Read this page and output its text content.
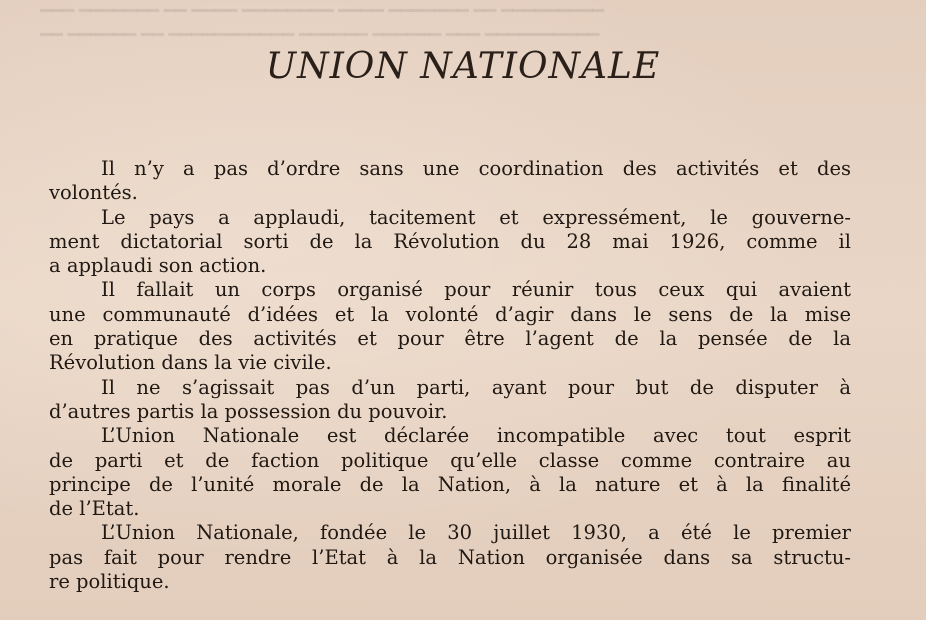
━━━ ━━━━━━━ ━━ ━━━━ ━━━━━━━━ ━━━━ ━━━━━━━ ━━ ━━━━━━━━━
━━ ━━━━━━ ━━ ━━━━━━━━━━━ ━━━━━━ ━━━━━━ ━━━ ━━━━━━━━━━
UNION NATIONALE

Il n’y a pas d’ordre sans une coordination des activités et des
volontés.

Le pays a applaudi, tacitement et expressément, le gouverne-
ment dictatorial sorti de la Révolution du 28 mai 1926, comme il
a applaudi son action.

Il fallait un corps organisé pour réunir tous ceux qui avaient
une communauté d’idées et la volonté d’agir dans le sens de la mise
en pratique des activités et pour être l’agent de la pensée de la
Révolution dans la vie civile.

Il ne s’agissait pas d’un parti, ayant pour but de disputer à
d’autres partis la possession du pouvoir.

L’Union Nationale est déclarée incompatible avec tout esprit
de parti et de faction politique qu’elle classe comme contraire au
principe de l’unité morale de la Nation, à la nature et à la finalité
de l’Etat.

L’Union Nationale, fondée le 30 juillet 1930, a été le premier
pas fait pour rendre l’Etat à la Nation organisée dans sa structu-
re politique.
